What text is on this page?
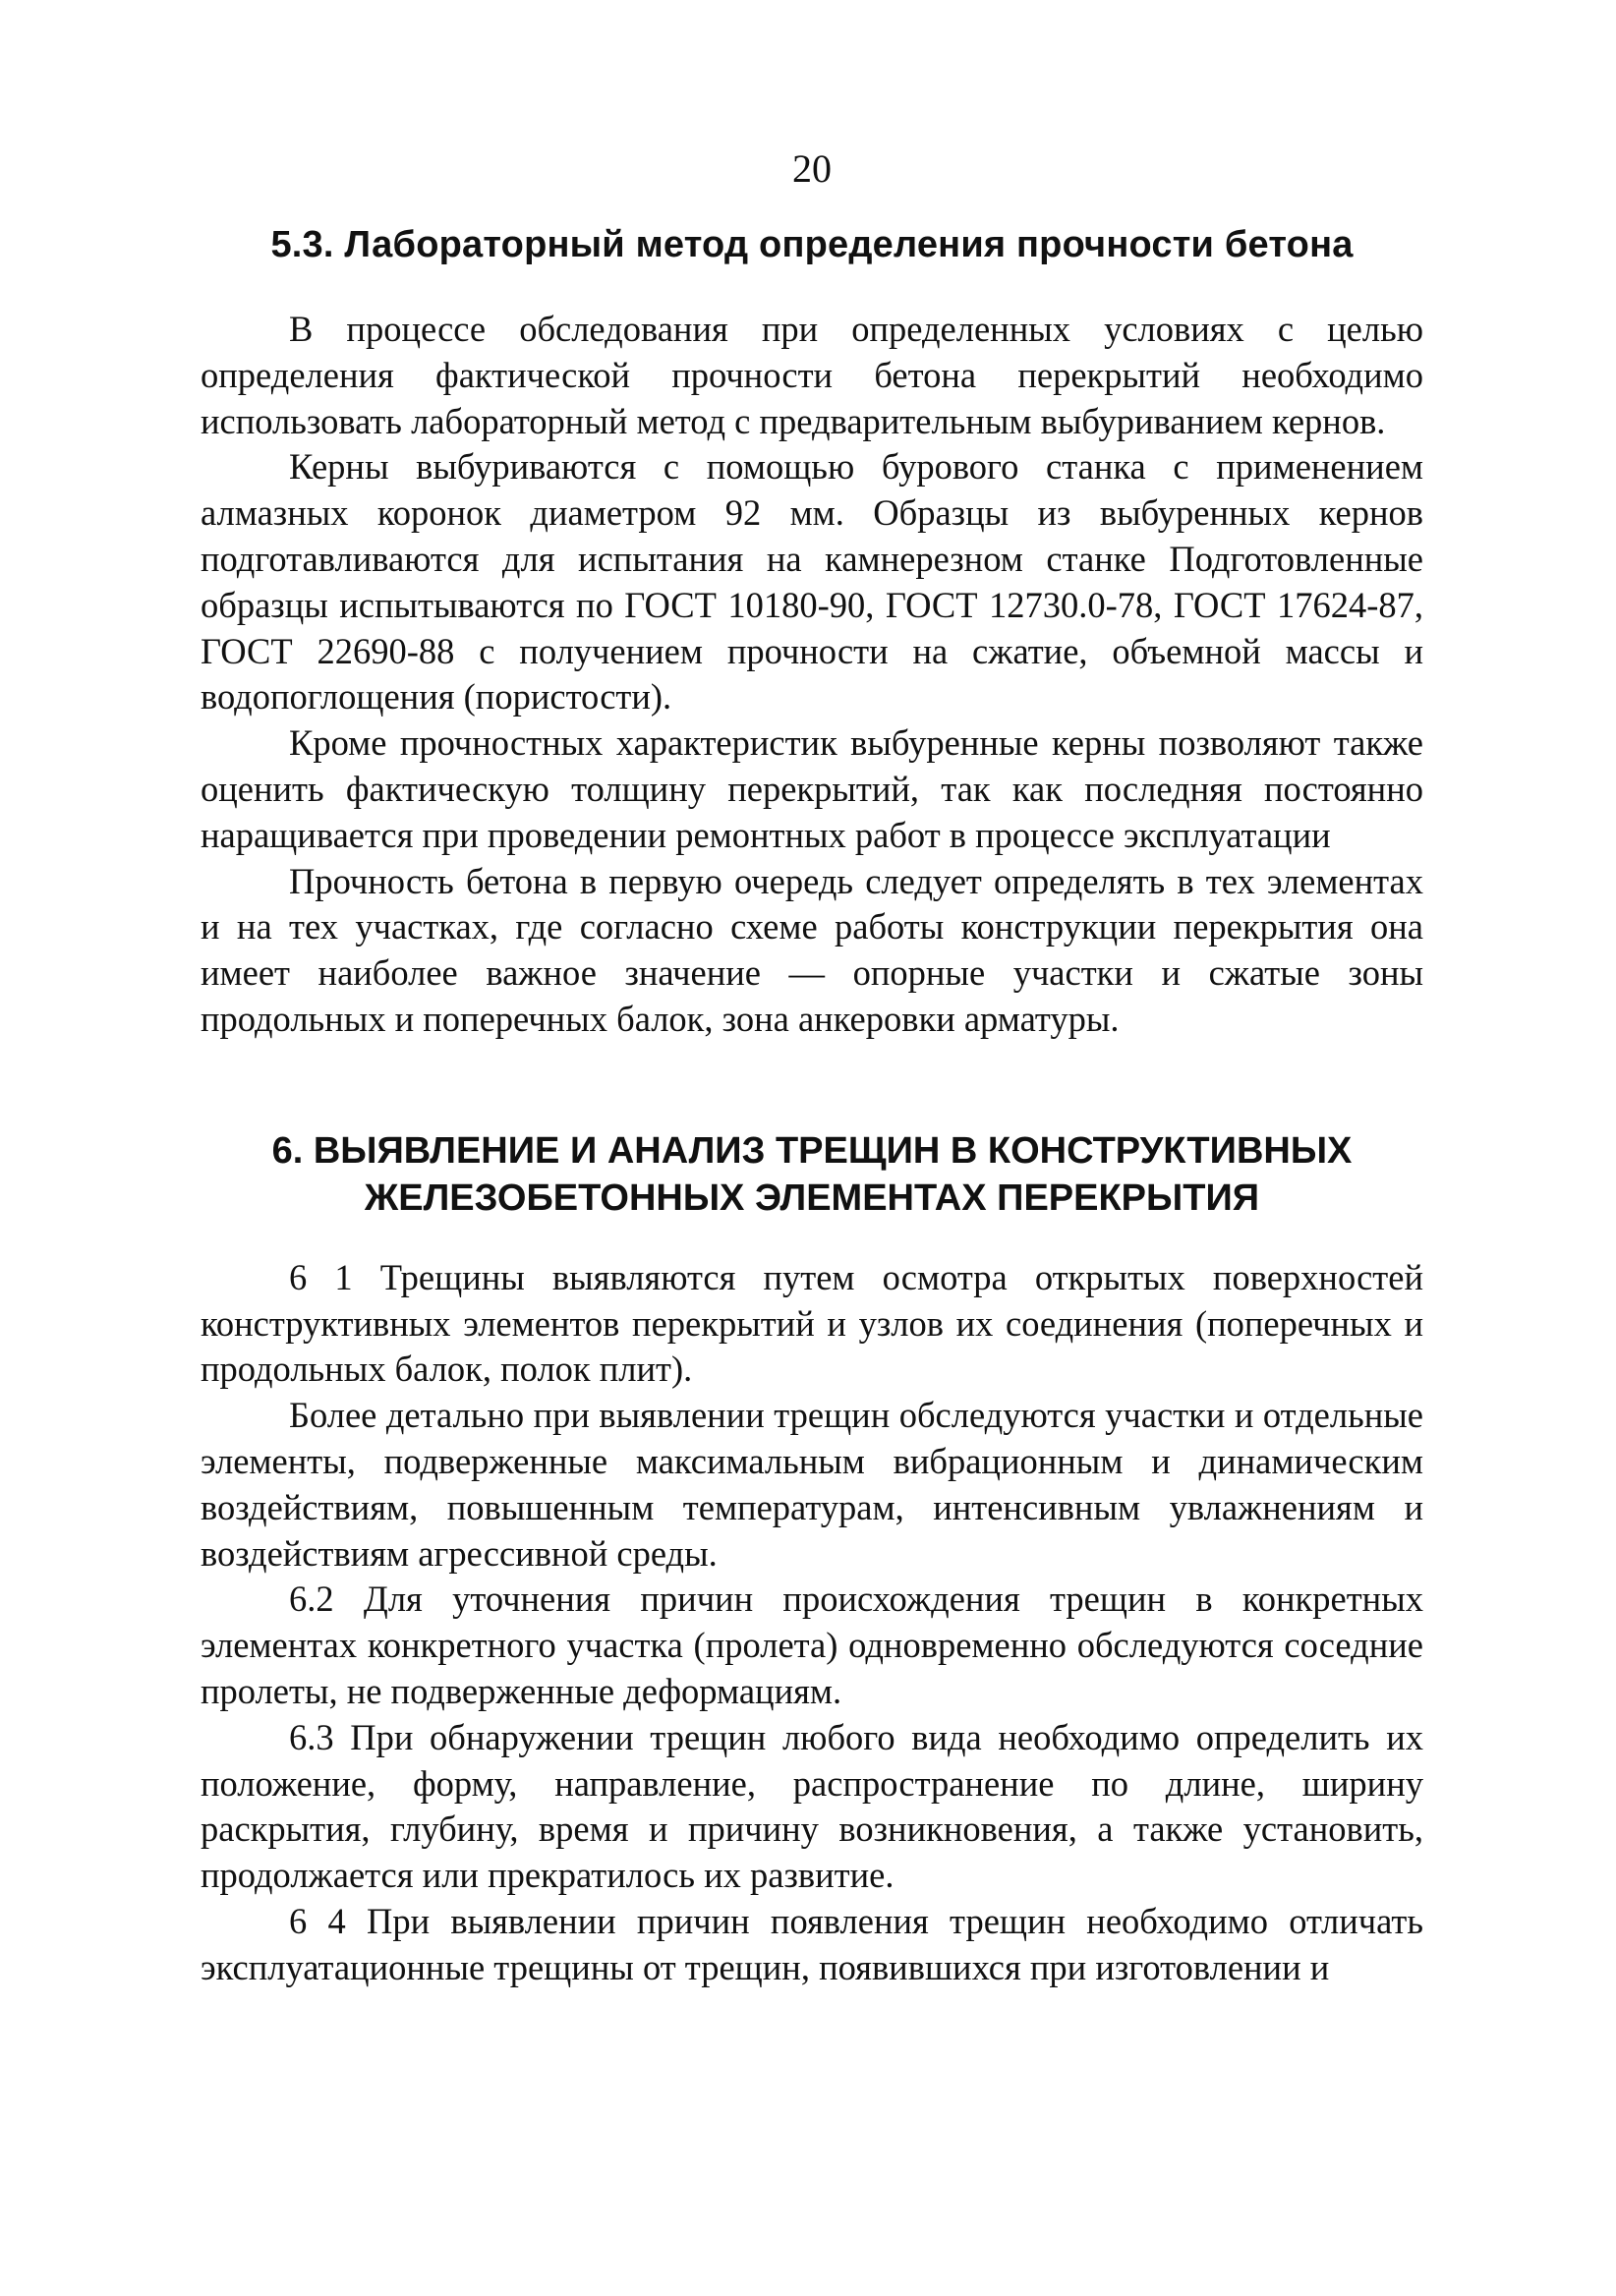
20
5.3. Лабораторный метод определения прочности бетона

В процессе обследования при определенных условиях с целью определения фактической прочности бетона перекрытий необходимо использовать лабораторный метод с предварительным выбуриванием кернов.

Керны выбуриваются с помощью бурового станка с применением алмазных коронок диаметром 92 мм. Образцы из выбуренных кернов подготавливаются для испытания на камнерезном станке Подготовленные образцы испытываются по ГОСТ 10180-90, ГОСТ 12730.0-78, ГОСТ 17624-87, ГОСТ 22690-88 с получением прочности на сжатие, объемной массы и водопоглощения (пористости).

Кроме прочностных характеристик выбуренные керны позволяют также оценить фактическую толщину перекрытий, так как последняя постоянно наращивается при проведении ремонтных работ в процессе эксплуатации

Прочность бетона в первую очередь следует определять в тех элементах и на тех участках, где согласно схеме работы конструкции перекрытия она имеет наиболее важное значение — опорные участки и сжатые зоны продольных и поперечных балок, зона анкеровки арматуры.

6. ВЫЯВЛЕНИЕ И АНАЛИЗ ТРЕЩИН В КОНСТРУКТИВНЫХ
ЖЕЛЕЗОБЕТОННЫХ ЭЛЕМЕНТАХ ПЕРЕКРЫТИЯ

6 1 Трещины выявляются путем осмотра открытых поверхностей конструктивных элементов перекрытий и узлов их соединения (поперечных и продольных балок, полок плит).

Более детально при выявлении трещин обследуются участки и отдельные элементы, подверженные максимальным вибрационным и динамическим воздействиям, повышенным температурам, интенсивным увлажнениям и воздействиям агрессивной среды.

6.2 Для уточнения причин происхождения трещин в конкретных элементах конкретного участка (пролета) одновременно обследуются соседние пролеты, не подверженные деформациям.

6.3 При обнаружении трещин любого вида необходимо определить их положение, форму, направление, распространение по длине, ширину раскрытия, глубину, время и причину возникновения, а также установить, продолжается или прекратилось их развитие.

6 4 При выявлении причин появления трещин необходимо отличать эксплуатационные трещины от трещин, появившихся при изготовлении и
